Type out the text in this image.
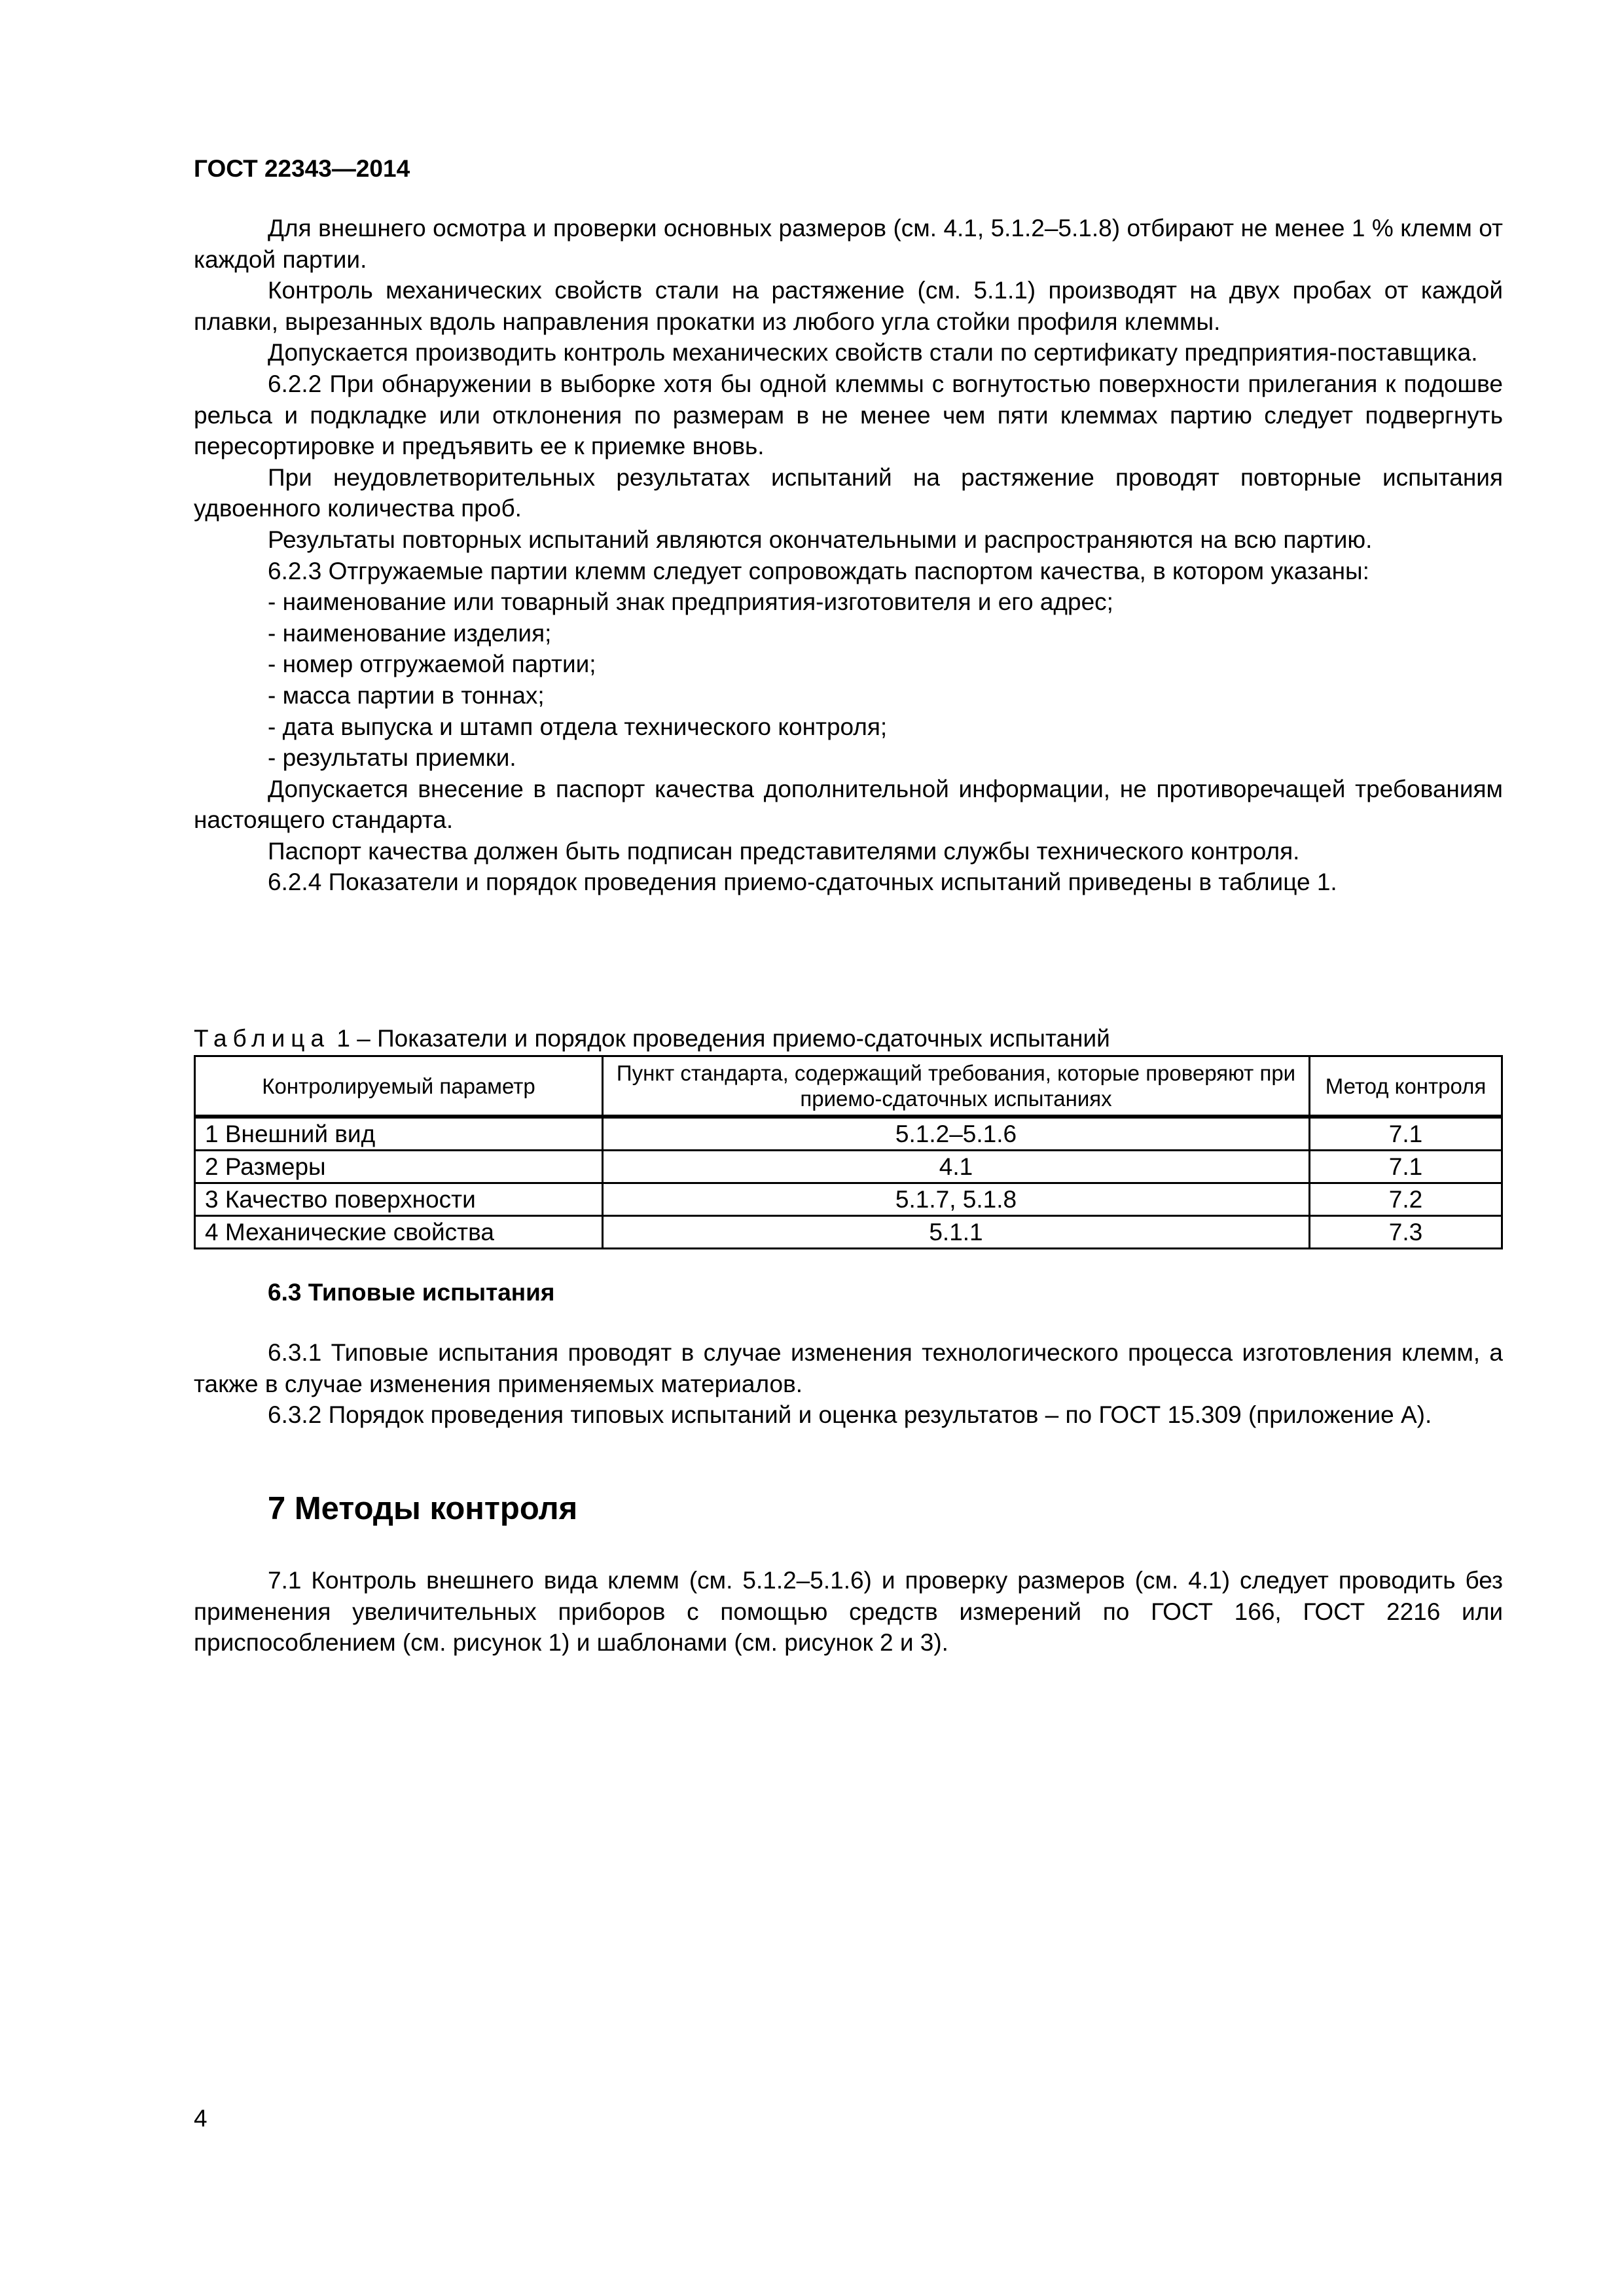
ГОСТ 22343—2014

Для внешнего осмотра и проверки основных размеров (см. 4.1, 5.1.2–5.1.8) отбирают не менее 1 % клемм от каждой партии.

Контроль механических свойств стали на растяжение (см. 5.1.1) производят на двух пробах от каждой плавки, вырезанных вдоль направления прокатки из любого угла стойки профиля клеммы.

Допускается производить контроль механических свойств стали по сертификату предприятия-поставщика.

6.2.2 При обнаружении в выборке хотя бы одной клеммы с вогнутостью поверхности прилегания к подошве рельса и подкладке или отклонения по размерам в не менее чем пяти клеммах партию следует подвергнуть пересортировке и предъявить ее к приемке вновь.

При неудовлетворительных результатах испытаний на растяжение проводят повторные испытания удвоенного количества проб.

Результаты повторных испытаний являются окончательными и распространяются на всю партию.

6.2.3 Отгружаемые партии клемм следует сопровождать паспортом качества, в котором указаны:

- наименование или товарный знак предприятия-изготовителя и его адрес;

- наименование изделия;

- номер отгружаемой партии;

- масса партии в тоннах;

- дата выпуска и штамп отдела технического контроля;

- результаты приемки.

Допускается внесение в паспорт качества дополнительной информации, не противоречащей требованиям настоящего стандарта.

Паспорт качества должен быть подписан представителями службы технического контроля.

6.2.4 Показатели и порядок проведения приемо-сдаточных испытаний приведены в таблице 1.

Таблица 1 – Показатели и порядок проведения приемо-сдаточных испытаний
Контролируемый параметр	Пункт стандарта, содержащий требования, которые проверяют при приемо-сдаточных испытаниях	Метод контроля
1 Внешний вид	5.1.2–5.1.6	7.1
2 Размеры	4.1	7.1
3 Качество поверхности	5.1.7, 5.1.8	7.2
4 Механические свойства	5.1.1	7.3
6.3 Типовые испытания

6.3.1 Типовые испытания проводят в случае изменения технологического процесса изготовления клемм, а также в случае изменения применяемых материалов.

6.3.2 Порядок проведения типовых испытаний и оценка результатов – по ГОСТ 15.309 (приложение А).

7 Методы контроля

7.1 Контроль внешнего вида клемм (см. 5.1.2–5.1.6) и проверку размеров (см. 4.1) следует проводить без применения увеличительных приборов с помощью средств измерений по ГОСТ 166, ГОСТ 2216 или приспособлением (см. рисунок 1) и шаблонами (см. рисунок 2 и 3).

4
